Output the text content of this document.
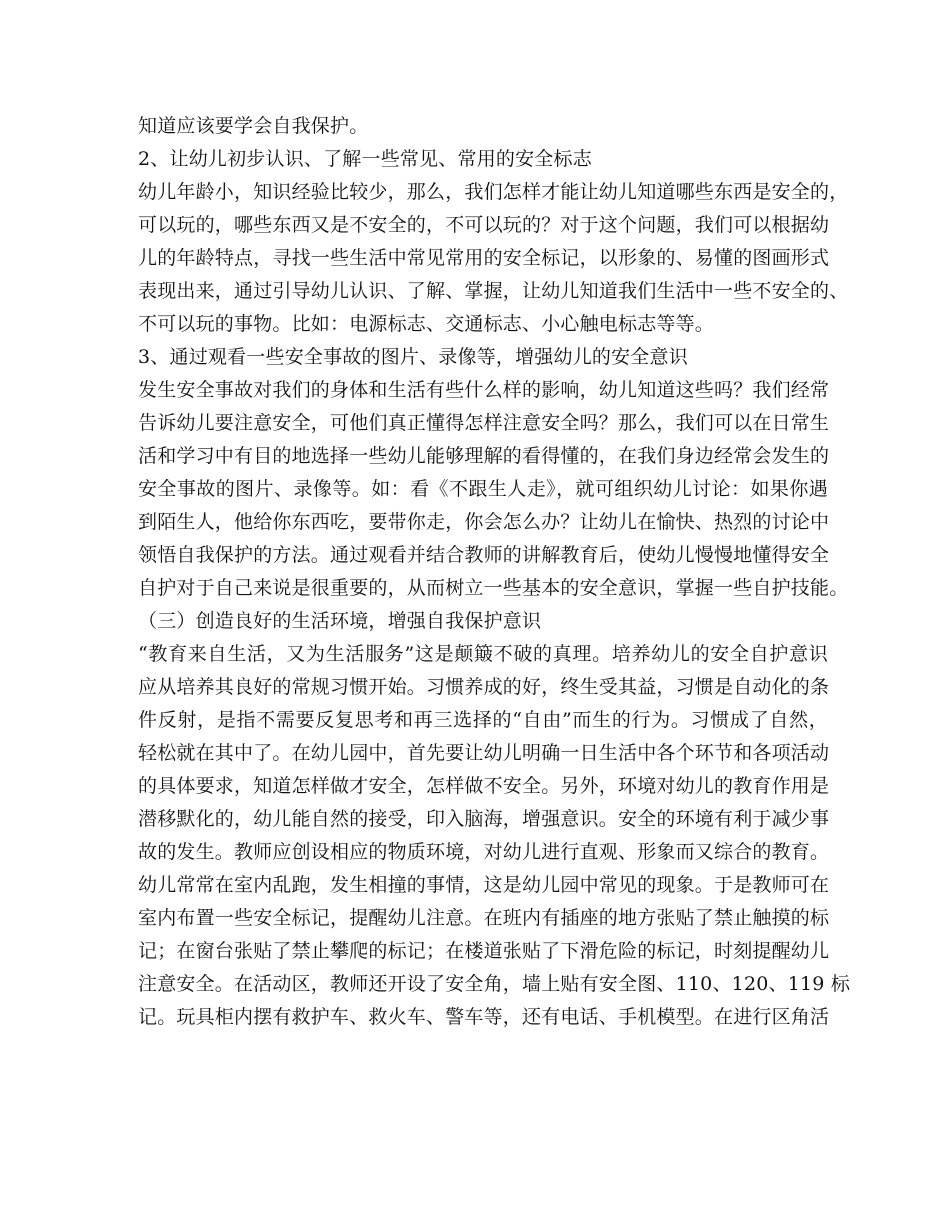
知道应该要学会自我保护。
2、让幼儿初步认识、了解一些常见、常用的安全标志
幼儿年龄小，知识经验比较少，那么，我们怎样才能让幼儿知道哪些东西是安全的，
可以玩的，哪些东西又是不安全的，不可以玩的？对于这个问题，我们可以根据幼
儿的年龄特点，寻找一些生活中常见常用的安全标记，以形象的、易懂的图画形式
表现出来，通过引导幼儿认识、了解、掌握，让幼儿知道我们生活中一些不安全的、
不可以玩的事物。比如：电源标志、交通标志、小心触电标志等等。
3、通过观看一些安全事故的图片、录像等，增强幼儿的安全意识
发生安全事故对我们的身体和生活有些什么样的影响，幼儿知道这些吗？我们经常
告诉幼儿要注意安全，可他们真正懂得怎样注意安全吗？那么，我们可以在日常生
活和学习中有目的地选择一些幼儿能够理解的看得懂的，在我们身边经常会发生的
安全事故的图片、录像等。如：看《不跟生人走》，就可组织幼儿讨论：如果你遇
到陌生人，他给你东西吃，要带你走，你会怎么办？让幼儿在愉快、热烈的讨论中
领悟自我保护的方法。通过观看并结合教师的讲解教育后，使幼儿慢慢地懂得安全
自护对于自己来说是很重要的，从而树立一些基本的安全意识，掌握一些自护技能。
（三）创造良好的生活环境，增强自我保护意识
“教育来自生活，又为生活服务”这是颠簸不破的真理。培养幼儿的安全自护意识
应从培养其良好的常规习惯开始。习惯养成的好，终生受其益，习惯是自动化的条
件反射，是指不需要反复思考和再三选择的“自由”而生的行为。习惯成了自然，
轻松就在其中了。在幼儿园中，首先要让幼儿明确一日生活中各个环节和各项活动
的具体要求，知道怎样做才安全，怎样做不安全。另外，环境对幼儿的教育作用是
潜移默化的，幼儿能自然的接受，印入脑海，增强意识。安全的环境有利于减少事
故的发生。教师应创设相应的物质环境，对幼儿进行直观、形象而又综合的教育。
幼儿常常在室内乱跑，发生相撞的事情，这是幼儿园中常见的现象。于是教师可在
室内布置一些安全标记，提醒幼儿注意。在班内有插座的地方张贴了禁止触摸的标
记；在窗台张贴了禁止攀爬的标记；在楼道张贴了下滑危险的标记，时刻提醒幼儿
注意安全。在活动区，教师还开设了安全角，墙上贴有安全图、110、120、119 标
记。玩具柜内摆有救护车、救火车、警车等，还有电话、手机模型。在进行区角活
